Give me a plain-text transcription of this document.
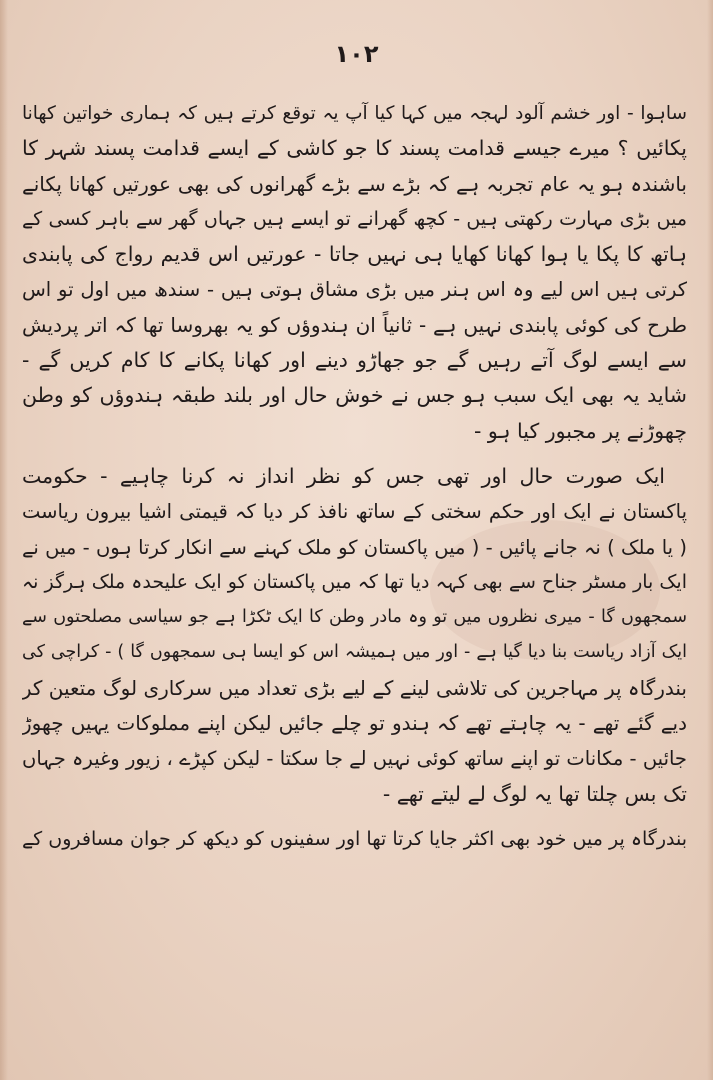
۱۰۲
ساہوا - اور خشم آلود لہجہ میں کہا کیا آپ یہ توقع کرتے ہیں کہ ہماری خواتین کھانا
پکائیں ؟ میرے جیسے قدامت پسند کا جو کاشی کے ایسے قدامت پسند شہر کا
باشندہ ہو یہ عام تجربہ ہے کہ بڑے سے بڑے گھرانوں کی بھی عورتیں کھانا پکانے
میں بڑی مہارت رکھتی ہیں - کچھ گھرانے تو ایسے ہیں جہاں گھر سے باہر کسی کے
ہاتھ کا پکا یا ہوا کھانا کھایا ہی نہیں جاتا - عورتیں اس قدیم رواج کی پابندی
کرتی ہیں اس لیے وہ اس ہنر میں بڑی مشاق ہوتی ہیں - سندھ میں اول تو اس
طرح کی کوئی پابندی نہیں ہے - ثانیاً ان ہندوؤں کو یہ بھروسا تھا کہ اتر پردیش
سے ایسے لوگ آتے رہیں گے جو جھاڑو دینے اور کھانا پکانے کا کام کریں گے -
شاید یہ بھی ایک سبب ہو جس نے خوش حال اور بلند طبقہ ہندوؤں کو وطن
چھوڑنے پر مجبور کیا ہو -
ایک صورت حال اور تھی جس کو نظر انداز نہ کرنا چاہیے - حکومت
پاکستان نے ایک اور حکم سختی کے ساتھ نافذ کر دیا کہ قیمتی اشیا بیرون ریاست
( یا ملک ) نہ جانے پائیں - ( میں پاکستان کو ملک کہنے سے انکار کرتا ہوں - میں نے
ایک بار مسٹر جناح سے بھی کہہ دیا تھا کہ میں پاکستان کو ایک علیحدہ ملک ہرگز نہ
سمجھوں گا - میری نظروں میں تو وہ مادر وطن کا ایک ٹکڑا ہے جو سیاسی مصلحتوں سے
ایک آزاد ریاست بنا دیا گیا ہے - اور میں ہمیشہ اس کو ایسا ہی سمجھوں گا ) - کراچی کی
بندرگاہ پر مہاجرین کی تلاشی لینے کے لیے بڑی تعداد میں سرکاری لوگ متعین کر
دیے گئے تھے - یہ چاہتے تھے کہ ہندو تو چلے جائیں لیکن اپنے مملوکات یہیں چھوڑ
جائیں - مکانات تو اپنے ساتھ کوئی نہیں لے جا سکتا - لیکن کپڑے ، زیور وغیرہ جہاں
تک بس چلتا تھا یہ لوگ لے لیتے تھے -
بندرگاہ پر میں خود بھی اکثر جایا کرتا تھا اور سفینوں کو دیکھ کر جوان مسافروں کے
